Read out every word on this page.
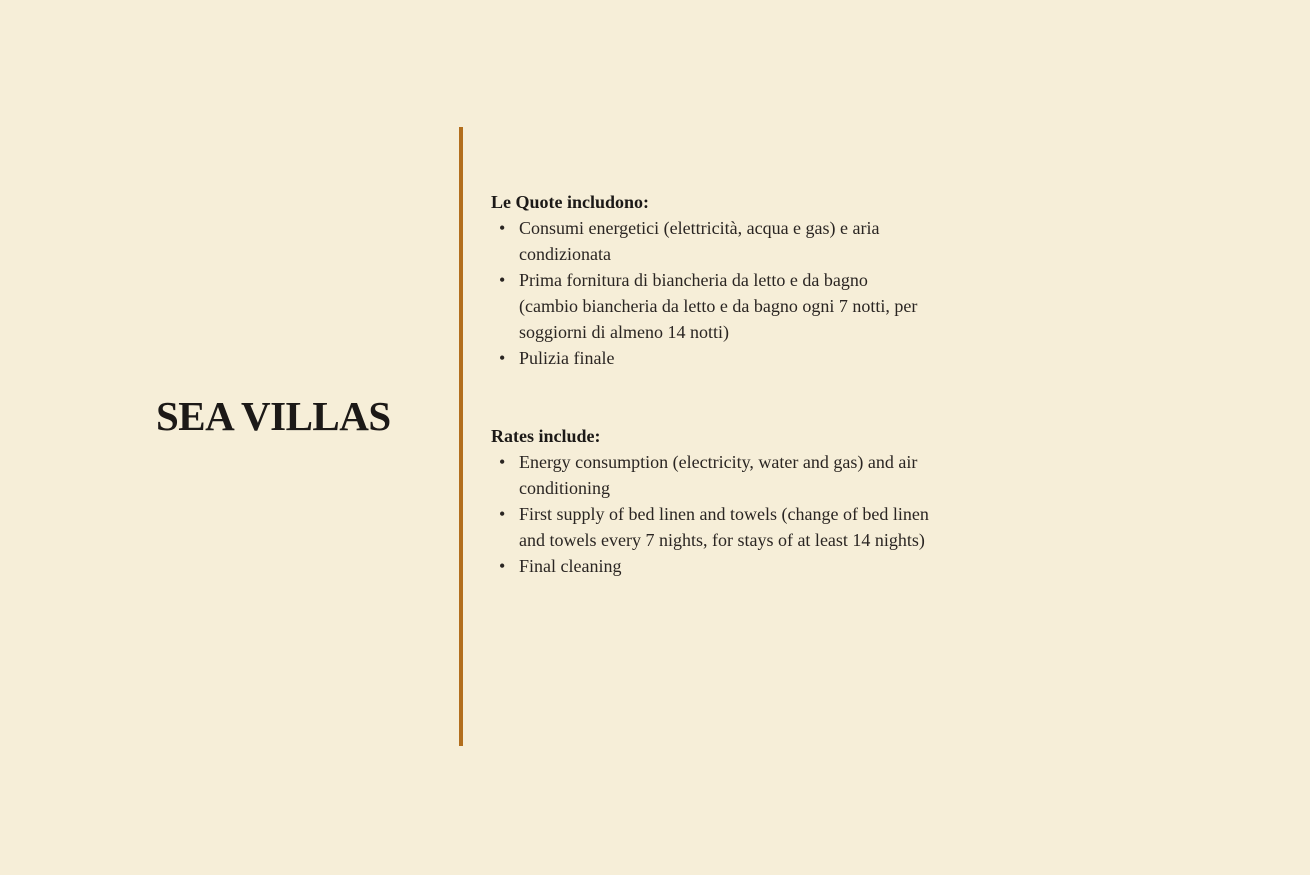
SEA VILLAS

Le Quote includono:

• Consumi energetici (elettricità, acqua e gas) e aria condizionata
• Prima fornitura di biancheria da letto e da bagno (cambio biancheria da letto e da bagno ogni 7 notti, per soggiorni di almeno 14 notti)
• Pulizia finale

Rates include:

• Energy consumption (electricity, water and gas) and air conditioning
• First supply of bed linen and towels (change of bed linen and towels every 7 nights, for stays of at least 14 nights)
• Final cleaning
